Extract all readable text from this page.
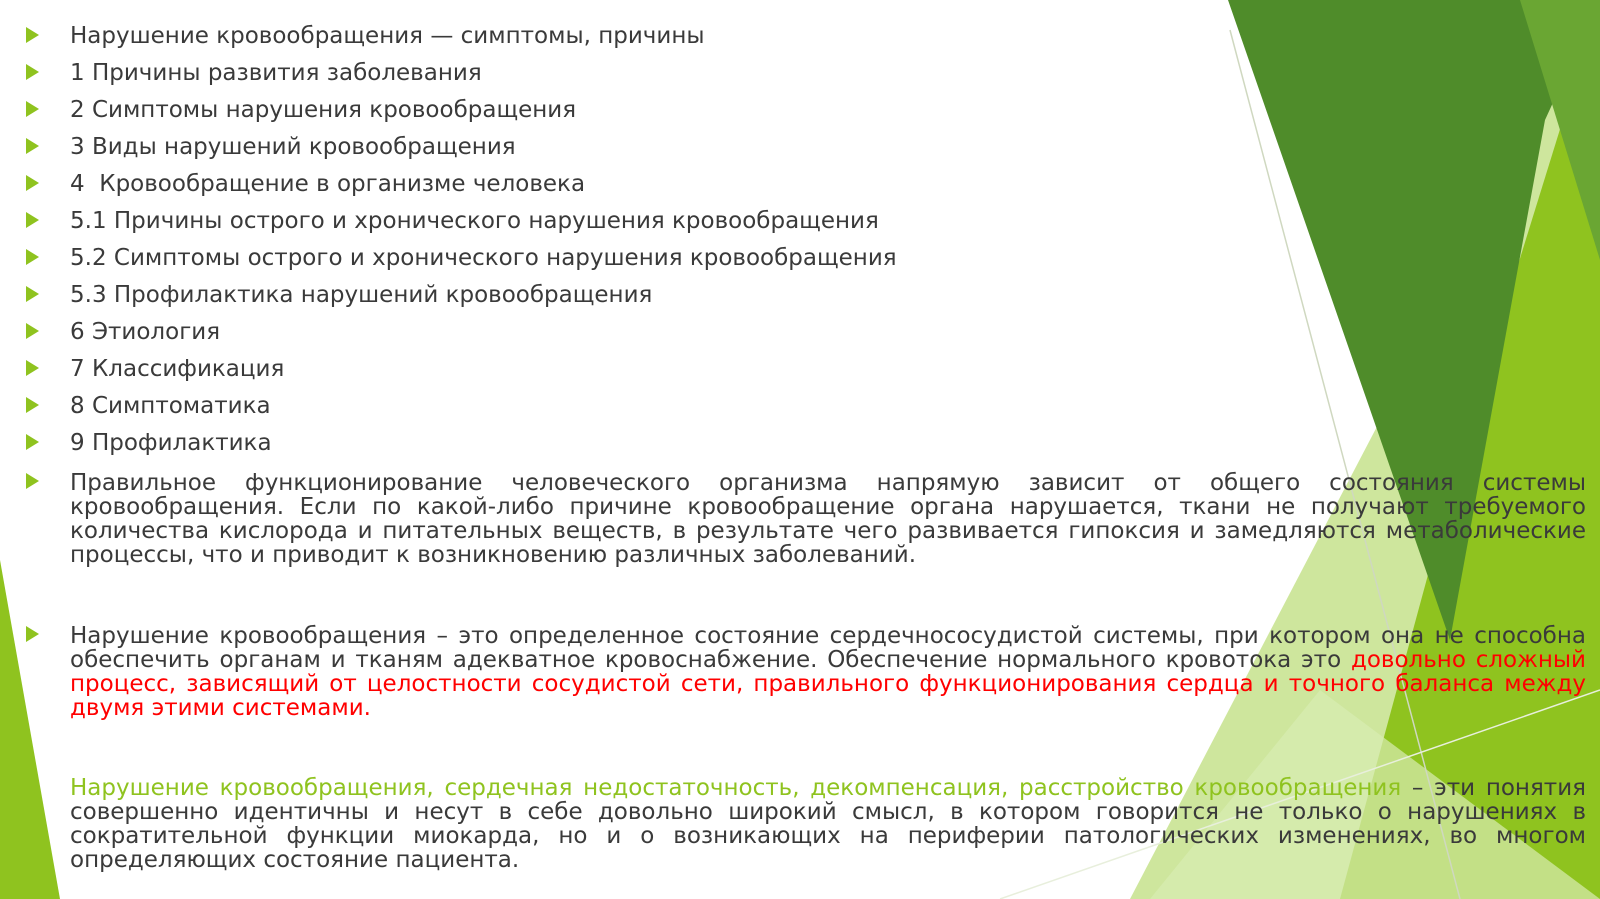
Нарушение кровообращения — симптомы, причины
1 Причины развития заболевания
2 Симптомы нарушения кровообращения
3 Виды нарушений кровообращения
4  Кровообращение в организме человека
5.1 Причины острого и хронического нарушения кровообращения
5.2 Симптомы острого и хронического нарушения кровообращения
5.3 Профилактика нарушений кровообращения
6 Этиология
7 Классификация
8 Симптоматика
9 Профилактика
Правильное функционирование человеческого организма напрямую зависит от общего состояния системы кровообращения. Если по какой-либо причине кровообращение органа нарушается, ткани не получают требуемого количества кислорода и питательных веществ, в результате чего развивается гипоксия и замедляются метаболические процессы, что и приводит к возникновению различных заболеваний.
Нарушение кровообращения – это определенное состояние сердечнососудистой системы, при котором она не способна обеспечить органам и тканям адекватное кровоснабжение. Обеспечение нормального кровотока это довольно сложный процесс, зависящий от целостности сосудистой сети, правильного функционирования сердца и точного баланса между двумя этими системами.
Нарушение кровообращения, сердечная недостаточность, декомпенсация, расстройство кровообращения – эти понятия совершенно идентичны и несут в себе довольно широкий смысл, в котором говорится не только о нарушениях в сократительной функции миокарда, но и о возникающих на периферии патологических изменениях, во многом определяющих состояние пациента.
